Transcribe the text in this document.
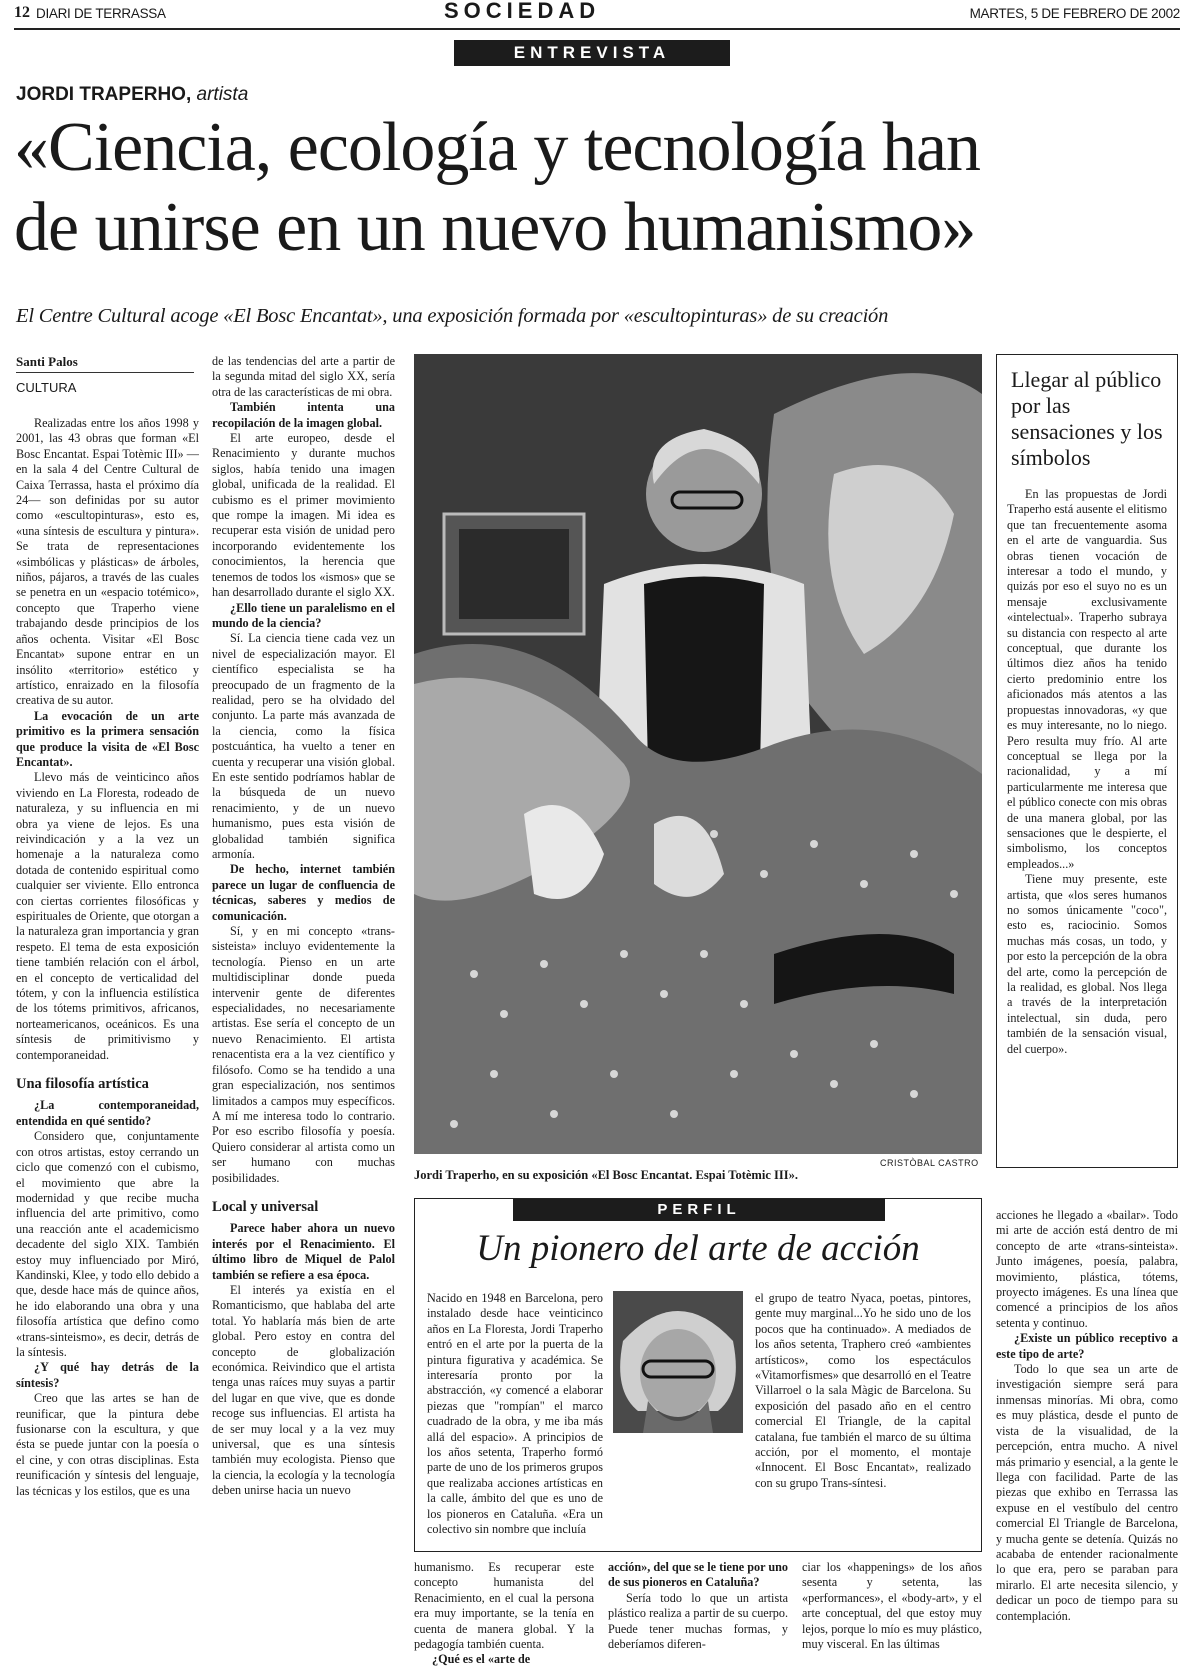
12 DIARI DE TERRASSA	SOCIEDAD	MARTES, 5 DE FEBRERO DE 2002
ENTREVISTA
JORDI TRAPERHO, artista
«Ciencia, ecología y tecnología han
de unirse en un nuevo humanismo»
El Centre Cultural acoge «El Bosc Encantat», una exposición formada por «escultopinturas» de su creación
Santi Palos
CULTURA

Realizadas entre los años 1998 y 2001, las 43 obras que forman «El Bosc Encantat. Espai Totèmic III» —en la sala 4 del Centre Cultural de Caixa Terrassa, hasta el próximo día 24— son definidas por su autor como «escultopinturas», esto es, «una síntesis de escultura y pintura». Se trata de representaciones «simbólicas y plásticas» de árboles, niños, pájaros, a través de las cuales se penetra en un «espacio totémico», concepto que Traperho viene trabajando desde principios de los años ochenta. Visitar «El Bosc Encantat» supone entrar en un insólito «territorio» estético y artístico, enraizado en la filosofía creativa de su autor.

La evocación de un arte primitivo es la primera sensación que produce la visita de «El Bosc Encantat».

Llevo más de veinticinco años viviendo en La Floresta, rodeado de naturaleza, y su influencia en mi obra ya viene de lejos. Es una reivindicación y a la vez un homenaje a la naturaleza como dotada de contenido espiritual como cualquier ser viviente. Ello entronca con ciertas corrientes filosóficas y espirituales de Oriente, que otorgan a la naturaleza gran importancia y gran respeto. El tema de esta exposición tiene también relación con el árbol, en el concepto de verticalidad del tótem, y con la influencia estilística de los tótems primitivos, africanos, norteamericanos, oceánicos. Es una síntesis de primitivismo y contemporaneidad.

Una filosofía artística

¿La contemporaneidad, entendida en qué sentido?

Considero que, conjuntamente con otros artistas, estoy cerrando un ciclo que comenzó con el cubismo, el movimiento que abre la modernidad y que recibe mucha influencia del arte primitivo, como una reacción ante el academicismo decadente del siglo XIX. También estoy muy influenciado por Miró, Kandinski, Klee, y todo ello debido a que, desde hace más de quince años, he ido elaborando una obra y una filosofía artística que defino como «trans-sinteismo», es decir, detrás de la síntesis.

¿Y qué hay detrás de la síntesis?

Creo que las artes se han de reunificar, que la pintura debe fusionarse con la escultura, y que ésta se puede juntar con la poesía o el cine, y con otras disciplinas. Esta reunificación y síntesis del lenguaje, las técnicas y los estilos, que es una

de las tendencias del arte a partir de la segunda mitad del siglo XX, sería otra de las características de mi obra.

También intenta una recopilación de la imagen global.

El arte europeo, desde el Renacimiento y durante muchos siglos, había tenido una imagen global, unificada de la realidad. El cubismo es el primer movimiento que rompe la imagen. Mi idea es recuperar esta visión de unidad pero incorporando evidentemente los conocimientos, la herencia que tenemos de todos los «ismos» que se han desarrollado durante el siglo XX.

¿Ello tiene un paralelismo en el mundo de la ciencia?

Sí. La ciencia tiene cada vez un nivel de especialización mayor. El científico especialista se ha preocupado de un fragmento de la realidad, pero se ha olvidado del conjunto. La parte más avanzada de la ciencia, como la física postcuántica, ha vuelto a tener en cuenta y recuperar una visión global. En este sentido podríamos hablar de la búsqueda de un nuevo renacimiento, y de un nuevo humanismo, pues esta visión de globalidad también significa armonía.

De hecho, internet también parece un lugar de confluencia de técnicas, saberes y medios de comunicación.

Sí, y en mi concepto «trans-sisteista» incluyo evidentemente la tecnología. Pienso en un arte multidisciplinar donde pueda intervenir gente de diferentes especialidades, no necesariamente artistas. Ese sería el concepto de un nuevo Renacimiento. El artista renacentista era a la vez científico y filósofo. Como se ha tendido a una gran especialización, nos sentimos limitados a campos muy específicos. A mí me interesa todo lo contrario. Por eso escribo filosofía y poesía. Quiero considerar al artista como un ser humano con muchas posibilidades.

Local y universal

Parece haber ahora un nuevo interés por el Renacimiento. El último libro de Miquel de Palol también se refiere a esa época.

El interés ya existía en el Romanticismo, que hablaba del arte total. Yo hablaría más bien de arte global. Pero estoy en contra del concepto de globalización económica. Reivindico que el artista tenga unas raíces muy suyas a partir del lugar en que vive, que es donde recoge sus influencias. El artista ha de ser muy local y a la vez muy universal, que es una síntesis también muy ecologista. Pienso que la ciencia, la ecología y la tecnología deben unirse hacia un nuevo

CRISTÒBAL CASTRO
Jordi Traperho, en su exposición «El Bosc Encantat. Espai Totèmic III».
Llegar al público por las sensaciones y los símbolos

En las propuestas de Jordi Traperho está ausente el elitismo que tan frecuentemente asoma en el arte de vanguardia. Sus obras tienen vocación de interesar a todo el mundo, y quizás por eso el suyo no es un mensaje exclusivamente «intelectual». Traperho subraya su distancia con respecto al arte conceptual, que durante los últimos diez años ha tenido cierto predominio entre los aficionados más atentos a las propuestas innovadoras, «y que es muy interesante, no lo niego. Pero resulta muy frío. Al arte conceptual se llega por la racionalidad, y a mí particularmente me interesa que el público conecte con mis obras de una manera global, por las sensaciones que le despierte, el simbolismo, los conceptos empleados...»

Tiene muy presente, este artista, que «los seres humanos no somos únicamente "coco", esto es, raciocinio. Somos muchas más cosas, un todo, y por esto la percepción de la obra del arte, como la percepción de la realidad, es global. Nos llega a través de la interpretación intelectual, sin duda, pero también de la sensación visual, del cuerpo».

PERFIL
Un pionero del arte de acción

Nacido en 1948 en Barcelona, pero instalado desde hace veinticinco años en La Floresta, Jordi Traperho entró en el arte por la puerta de la pintura figurativa y académica. Se interesaría pronto por la abstracción, «y comencé a elaborar piezas que "rompían" el marco cuadrado de la obra, y me iba más allá del espacio». A principios de los años setenta, Traperho formó parte de uno de los primeros grupos que realizaba acciones artísticas en la calle, ámbito del que es uno de los pioneros en Cataluña. «Era un colectivo sin nombre que incluía

el grupo de teatro Nyaca, poetas, pintores, gente muy marginal...Yo he sido uno de los pocos que ha continuado». A mediados de los años setenta, Traphero creó «ambientes artísticos», como los espectáculos «Vitamorfismes» que desarrolló en el Teatre Villarroel o la sala Màgic de Barcelona. Su exposición del pasado año en el centro comercial El Triangle, de la capital catalana, fue también el marco de su última acción, por el momento, el montaje «Innocent. El Bosc Encantat», realizado con su grupo Trans-síntesi.

humanismo. Es recuperar este concepto humanista del Renacimiento, en el cual la persona era muy importante, se la tenía en cuenta de manera global. Y la pedagogía también cuenta.

¿Qué es el «arte de

acción», del que se le tiene por uno de sus pioneros en Cataluña?

Sería todo lo que un artista plástico realiza a partir de su cuerpo. Puede tener muchas formas, y deberíamos diferen-

ciar los «happenings» de los años sesenta y setenta, las «performances», el «body-art», y el arte conceptual, del que estoy muy lejos, porque lo mío es muy plástico, muy visceral. En las últimas

acciones he llegado a «bailar». Todo mi arte de acción está dentro de mi concepto de arte «trans-sinteista». Junto imágenes, poesía, palabra, movimiento, plástica, tótems, proyecto imágenes. Es una línea que comencé a principios de los años setenta y continuo.

¿Existe un público receptivo a este tipo de arte?

Todo lo que sea un arte de investigación siempre será para inmensas minorías. Mi obra, como es muy plástica, desde el punto de vista de la visualidad, de la percepción, entra mucho. A nivel más primario y esencial, a la gente le llega con facilidad. Parte de las piezas que exhibo en Terrassa las expuse en el vestíbulo del centro comercial El Triangle de Barcelona, y mucha gente se detenía. Quizás no acababa de entender racionalmente lo que era, pero se paraban para mirarlo. El arte necesita silencio, y dedicar un poco de tiempo para su contemplación.
